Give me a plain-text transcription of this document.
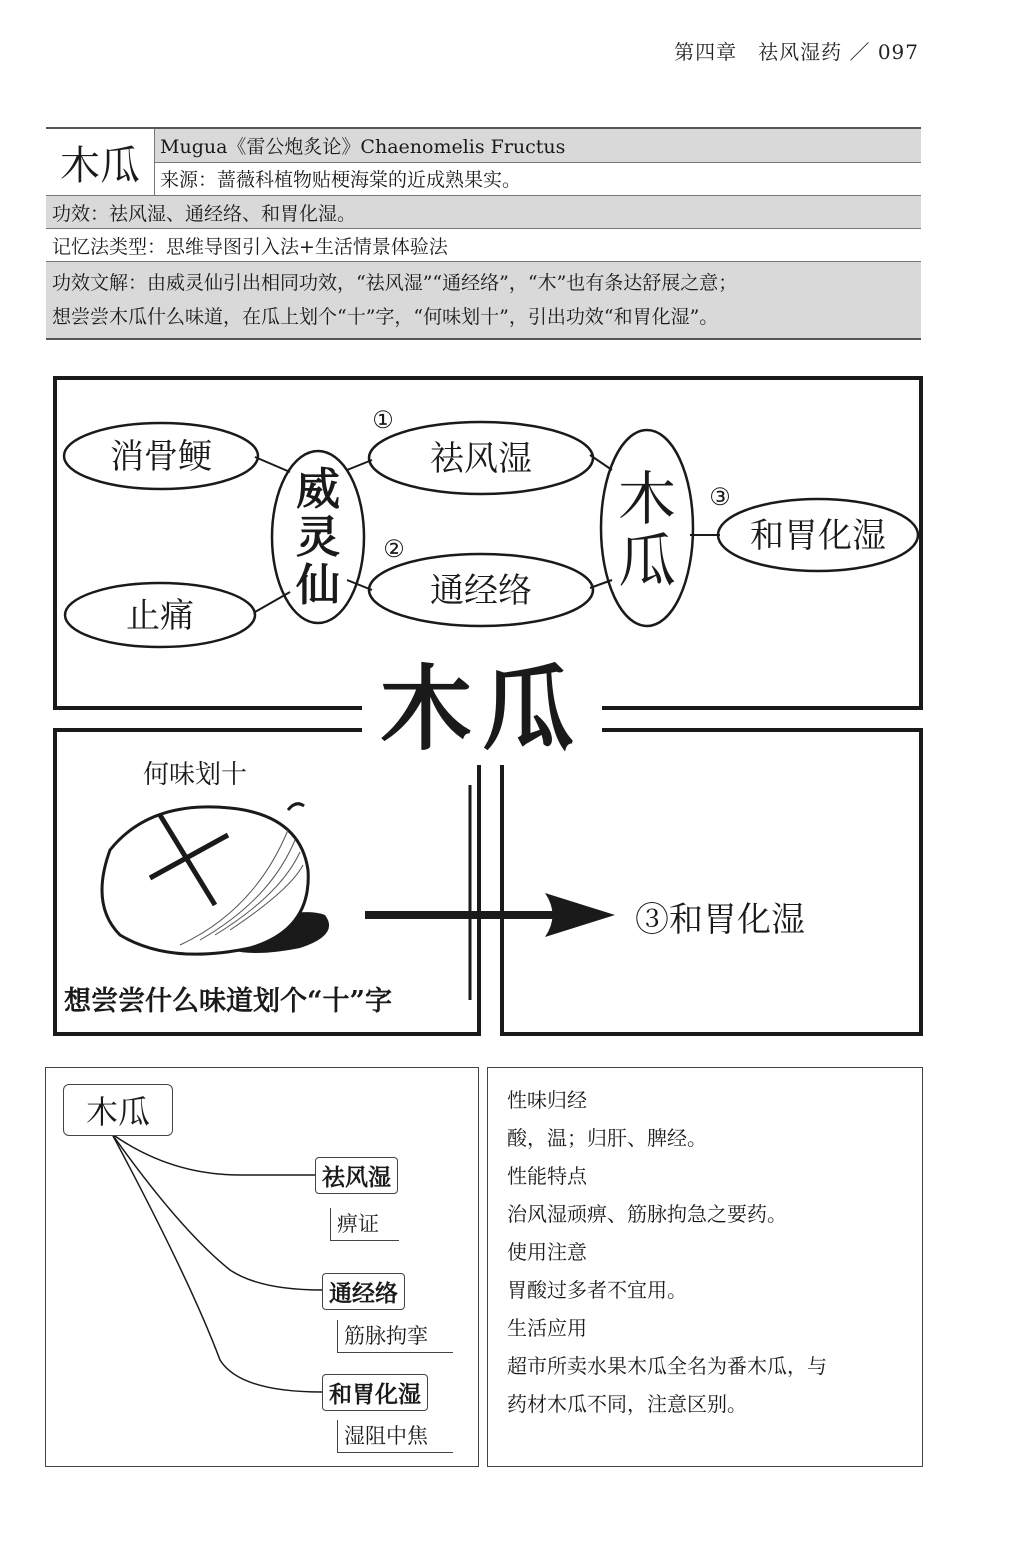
第四章　祛风湿药 ／ 097
木瓜	Mugua《雷公炮炙论》Chaenomelis Fructus
来源：蔷薇科植物贴梗海棠的近成熟果实。
功效：祛风湿、通经络、和胃化湿。
记忆法类型：思维导图引入法+生活情景体验法
功效文解：由威灵仙引出相同功效，“祛风湿”“通经络”，“木”也有条达舒展之意；
想尝尝木瓜什么味道，在瓜上划个“十”字，“何味划十”，引出功效“和胃化湿”。
消骨鲠
止痛
祛风湿
通经络
和胃化湿
①
②
③
威灵仙
木瓜
木瓜
何味划十
想尝尝什么味道划个“十”字
③和胃化湿
木瓜
祛风湿
痹证
通经络
筋脉拘挛
和胃化湿
湿阻中焦
性味归经
酸，温；归肝、脾经。
性能特点
治风湿顽痹、筋脉拘急之要药。
使用注意
胃酸过多者不宜用。
生活应用
超市所卖水果木瓜全名为番木瓜，与
药材木瓜不同，注意区别。
